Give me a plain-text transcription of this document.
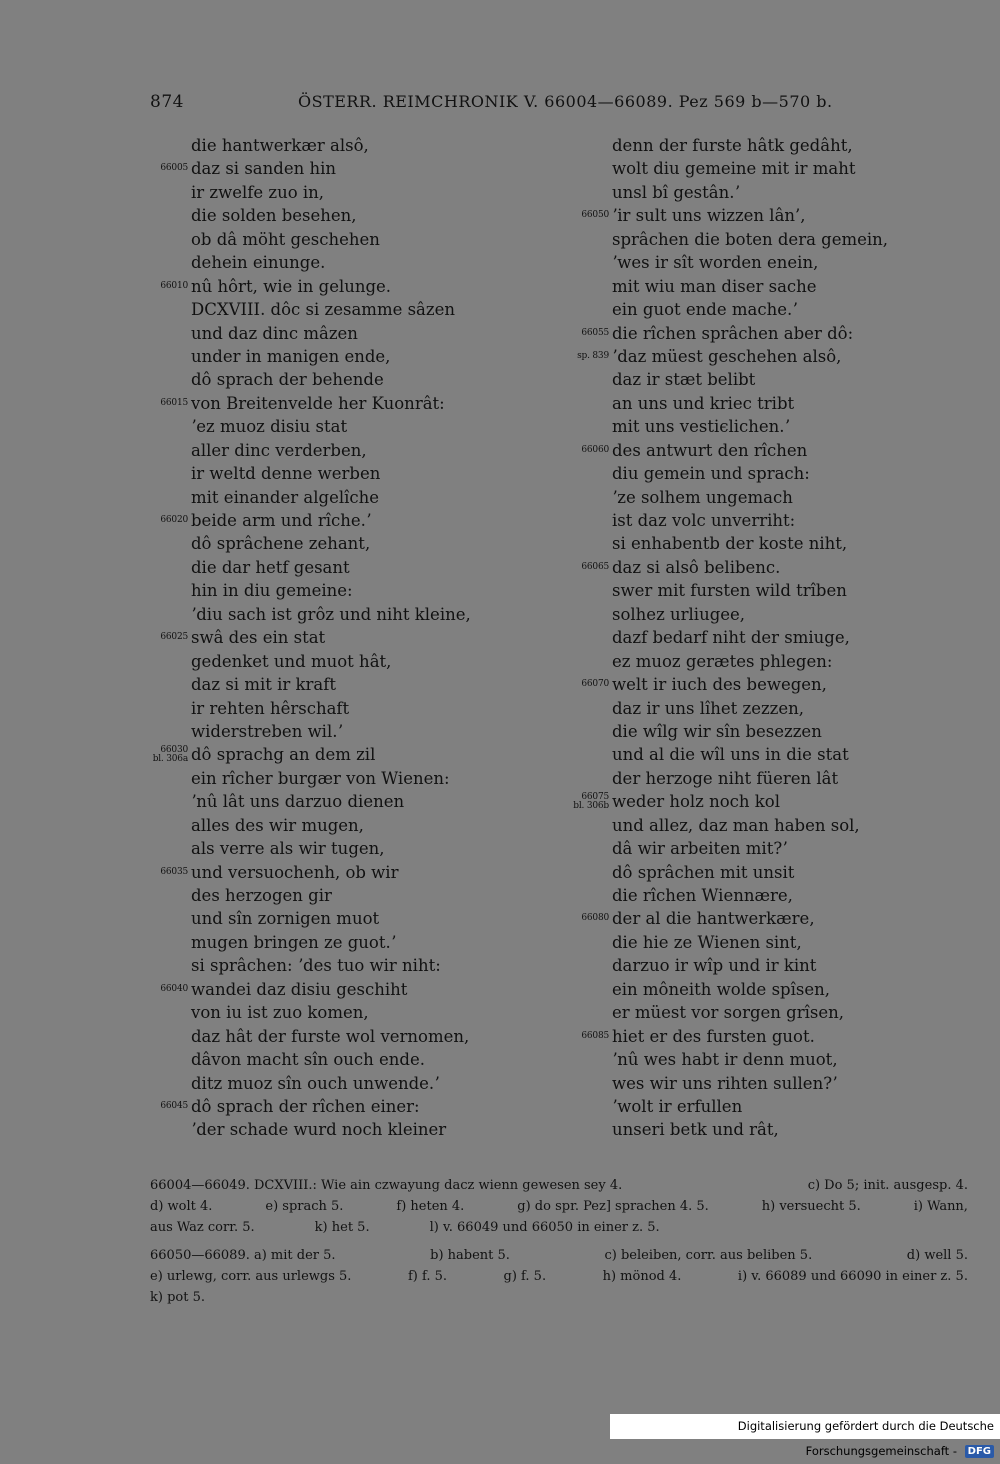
874	ÖSTERR. REIMCHRONIK V. 66004—66089. Pez 569 b—570 b.
die hantwerkær alsô,
66005 daz si sanden hin
ir zwelfe zuo in,
die solden besehen,
ob dâ möht geschehen
dehein einunge.
66010 nû hôrt, wie in gelunge.
DCXVIII. dôc si zesamme sâzen
und daz dinc mâzen
under in manigen ende,
dô sprach der behende
66015 von Breitenvelde her Kuonrât:
ʼez muoz disiu stat
aller dinc verderben,
ir weltd denne werben
mit einander algelîche
66020 beide arm und rîche.ʼ
dô sprâchene zehant,
die dar hetf gesant
hin in diu gemeine:
ʼdiu sach ist grôz und niht kleine,
66025 swâ des ein stat
gedenket und muot hât,
daz si mit ir kraft
ir rehten hêrschaft
widerstreben wil.ʼ
66030
bl. 306a dô sprachg an dem zil
ein rîcher burgær von Wienen:
ʼnû lât uns darzuo dienen
alles des wir mugen,
als verre als wir tugen,
66035 und versuochenh, ob wir
des herzogen gir
und sîn zornigen muot
mugen bringen ze guot.ʼ
si sprâchen: ʼdes tuo wir niht:
66040 wandei daz disiu geschiht
von iu ist zuo komen,
daz hât der furste wol vernomen,
dâvon macht sîn ouch ende.
ditz muoz sîn ouch unwende.ʼ
66045 dô sprach der rîchen einer:
ʼder schade wurd noch kleiner
denn der furste hâtk gedâht,
wolt diu gemeine mit ir maht
unsl bî gestân.ʼ
66050 ʼir sult uns wizzen lân’,
sprâchen die boten dera gemein,
ʼwes ir sît worden enein,
mit wiu man diser sache
ein guot ende mache.ʼ
66055 die rîchen sprâchen aber dô:
sp. 839 ʼdaz müest geschehen alsô,
daz ir stæt belibt
an uns und kriec tribt
mit uns vestiєlichen.ʼ
66060 des antwurt den rîchen
diu gemein und sprach:
ʼze solhem ungemach
ist daz volc unverriht:
si enhabentb der koste niht,
66065 daz si alsô belibenc.
swer mit fursten wild trîben
solhez urliugee,
dazf bedarf niht der smiuge,
ez muoz gerætes phlegen:
66070 welt ir iuch des bewegen,
daz ir uns lîhet zezzen,
die wîlg wir sîn besezzen
und al die wîl uns in die stat
der herzoge niht füeren lât
66075
bl. 306b weder holz noch kol
und allez, daz man haben sol,
dâ wir arbeiten mit?ʼ
dô sprâchen mit unsit
die rîchen Wiennære,
66080 der al die hantwerkære,
die hie ze Wienen sint,
darzuo ir wîp und ir kint
ein môneith wolde spîsen,
er müest vor sorgen grîsen,
66085 hiet er des fursten guot.
ʼnû wes habt ir denn muot,
wes wir uns rihten sullen?ʼ
ʼwolt ir erfullen
unseri betk und rât,
66004—66049. DCXVIII.: Wie ain czwayung dacz wienn gewesen sey 4.	c) Do 5; init. ausgesp. 4.
d) wolt 4.	e) sprach 5.	f) heten 4.	g) do spr. Pez] sprachen 4. 5.	h) versuecht 5.	i) Wann,
aus Waz corr. 5.	k) het 5.	l) v. 66049 und 66050 in einer z. 5.
66050—66089. a) mit der 5.	b) habent 5.	c) beleiben, corr. aus beliben 5.	d) well 5.
e) urlewg, corr. aus urlewgs 5.	f) f. 5.	g) f. 5.	h) mönod 4.	i) v. 66089 und 66090 in einer z. 5.
k) pot 5.
Digitalisierung gefördert durch die Deutsche Forschungsgemeinschaft - DFG
